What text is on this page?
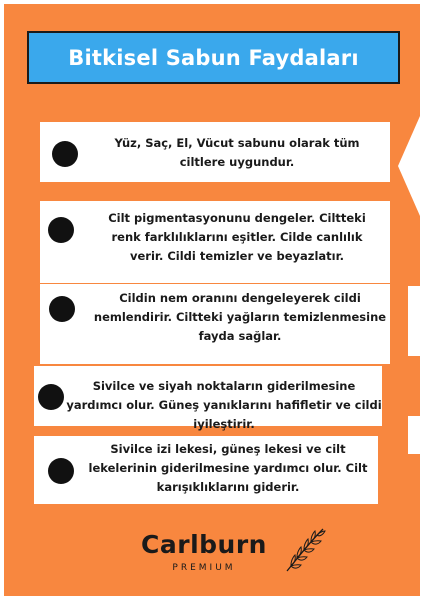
Bitkisel Sabun Faydaları
Yüz, Saç, El, Vücut sabunu olarak tüm ciltlere uygundur.
Cilt pigmentasyonunu dengeler. Ciltteki renk farklılıklarını eşitler. Cilde canlılık verir. Cildi temizler ve beyazlatır.
Cildin nem oranını dengeleyerek cildi nemlendirir. Ciltteki yağların temizlenmesine fayda sağlar.
Sivilce ve siyah noktaların giderilmesine yardımcı olur. Güneş yanıklarını hafifletir ve cildi iyileştirir.
Sivilce izi lekesi, güneş lekesi ve cilt lekelerinin giderilmesine yardımcı olur. Cilt karışıklıklarını giderir.
Carlburn
PREMIUM
